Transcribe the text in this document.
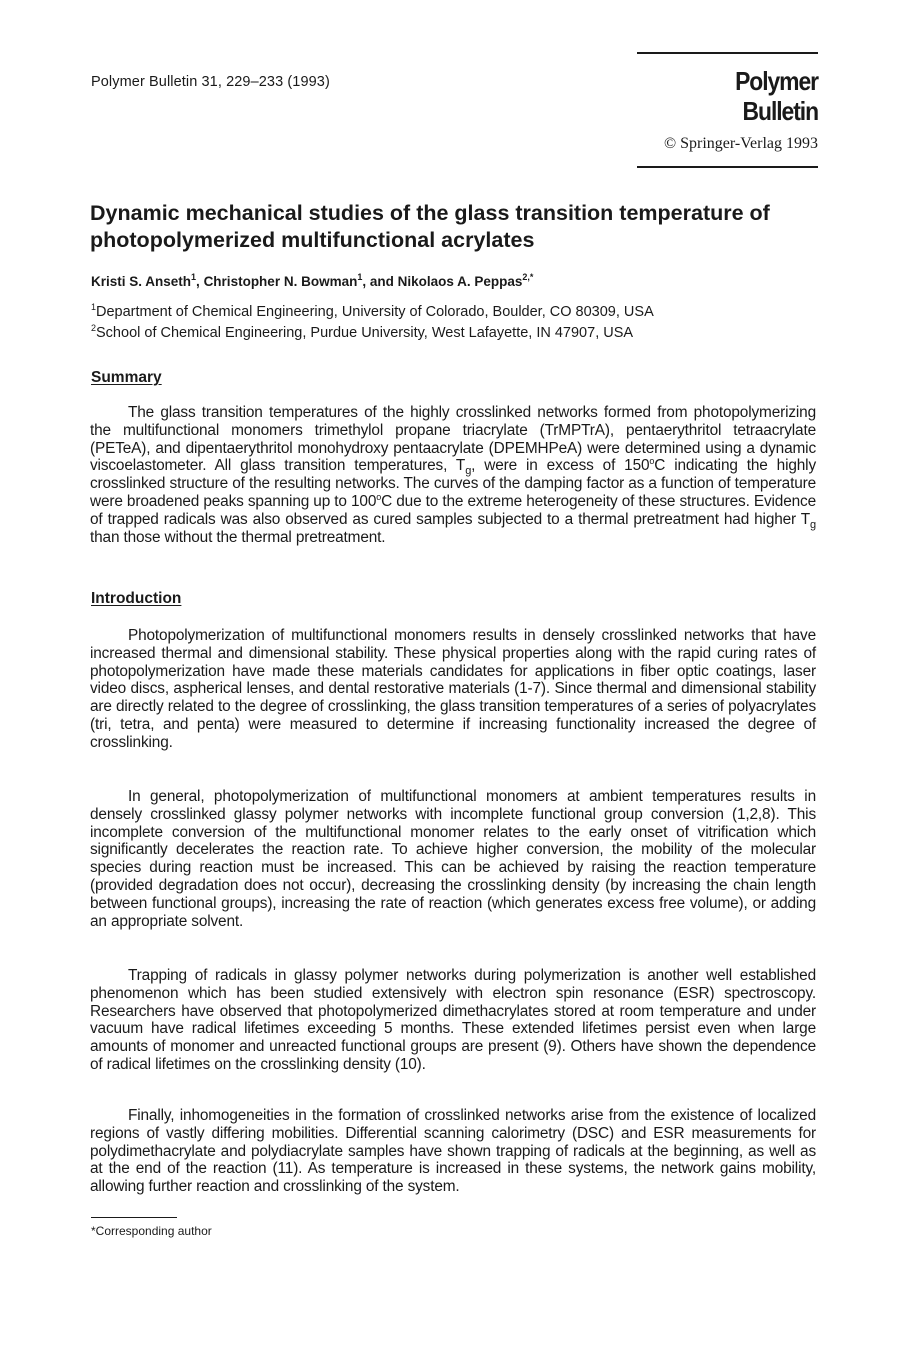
Polymer Bulletin 31, 229–233 (1993)	Polymer Bulletin
© Springer-Verlag 1993
Dynamic mechanical studies of the glass transition temperature of photopolymerized multifunctional acrylates
Kristi S. Anseth$^1$, Christopher N. Bowman$^1$, and Nikolaos A. Peppas$^{2,*}$
$^1$Department of Chemical Engineering, University of Colorado, Boulder, CO 80309, USA
$^2$School of Chemical Engineering, Purdue University, West Lafayette, IN 47907, USA
Summary

The glass transition temperatures of the highly crosslinked networks formed from photopolymerizing the multifunctional monomers trimethylol propane triacrylate (TrMPTrA), pentaerythritol tetraacrylate (PETeA), and dipentaerythritol monohydroxy pentaacrylate (DPEMHPeA) were determined using a dynamic viscoelastometer. All glass transition temperatures, $T_g$, were in excess of 150$^o$C indicating the highly crosslinked structure of the resulting networks. The curves of the damping factor as a function of temperature were broadened peaks spanning up to 100$^o$C due to the extreme heterogeneity of these structures. Evidence of trapped radicals was also observed as cured samples subjected to a thermal pretreatment had higher $T_g$ than those without the thermal pretreatment.

Introduction

Photopolymerization of multifunctional monomers results in densely crosslinked networks that have increased thermal and dimensional stability. These physical properties along with the rapid curing rates of photopolymerization have made these materials candidates for applications in fiber optic coatings, laser video discs, aspherical lenses, and dental restorative materials (1-7). Since thermal and dimensional stability are directly related to the degree of crosslinking, the glass transition temperatures of a series of polyacrylates (tri, tetra, and penta) were measured to determine if increasing functionality increased the degree of crosslinking.

In general, photopolymerization of multifunctional monomers at ambient temperatures results in densely crosslinked glassy polymer networks with incomplete functional group conversion (1,2,8). This incomplete conversion of the multifunctional monomer relates to the early onset of vitrification which significantly decelerates the reaction rate. To achieve higher conversion, the mobility of the molecular species during reaction must be increased. This can be achieved by raising the reaction temperature (provided degradation does not occur), decreasing the crosslinking density (by increasing the chain length between functional groups), increasing the rate of reaction (which generates excess free volume), or adding an appropriate solvent.

Trapping of radicals in glassy polymer networks during polymerization is another well established phenomenon which has been studied extensively with electron spin resonance (ESR) spectroscopy. Researchers have observed that photopolymerized dimethacrylates stored at room temperature and under vacuum have radical lifetimes exceeding 5 months. These extended lifetimes persist even when large amounts of monomer and unreacted functional groups are present (9). Others have shown the dependence of radical lifetimes on the crosslinking density (10).

Finally, inhomogeneities in the formation of crosslinked networks arise from the existence of localized regions of vastly differing mobilities. Differential scanning calorimetry (DSC) and ESR measurements for polydimethacrylate and polydiacrylate samples have shown trapping of radicals at the beginning, as well as at the end of the reaction (11). As temperature is increased in these systems, the network gains mobility, allowing further reaction and crosslinking of the system.

*Corresponding author
